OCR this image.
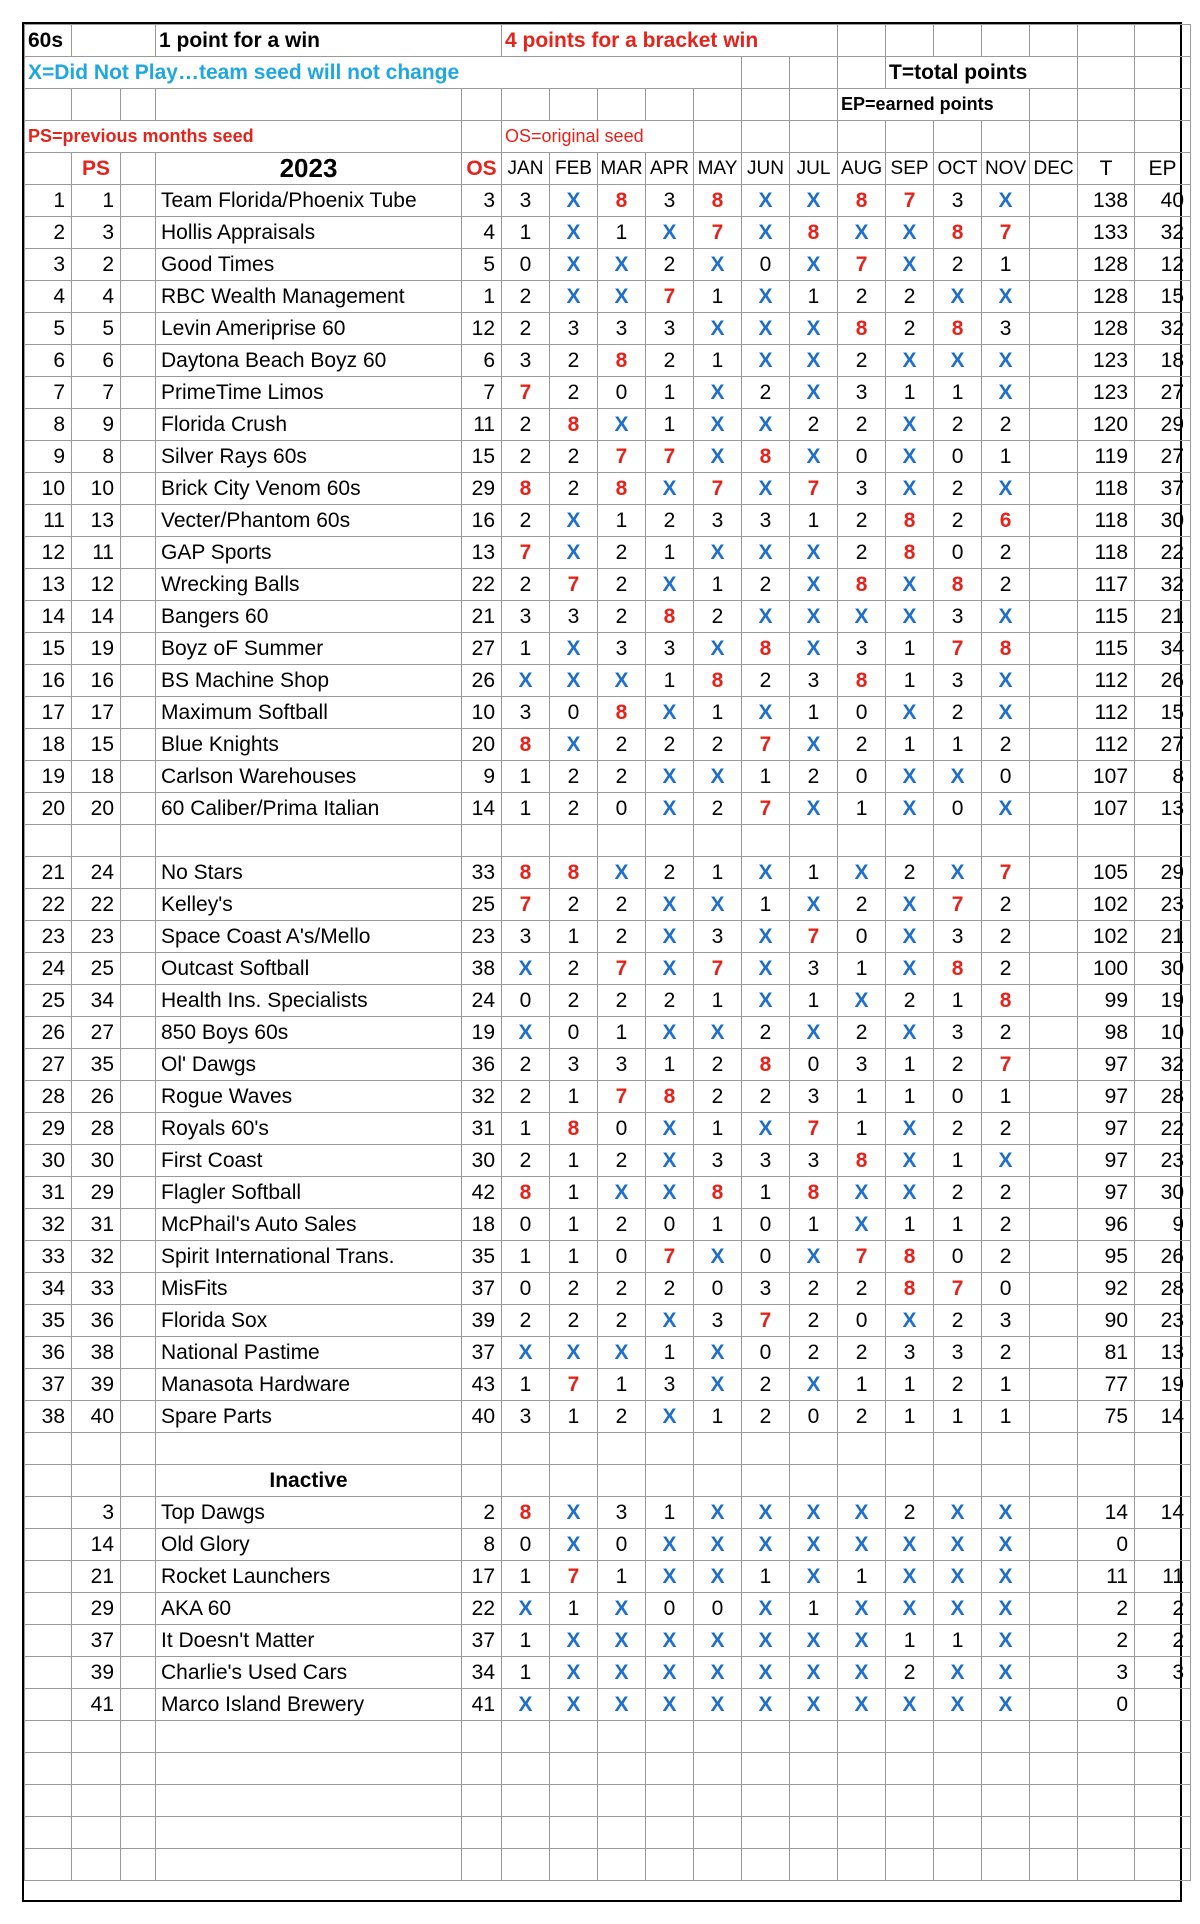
60s			1 point for a win		4 points for a bracket win													
X=Did Not Play…team seed will not change													T=total points					
												EP=earned points						
PS=previous months seed					OS=original seed													
	PS		2023	OS	JAN	FEB	MAR	APR	MAY	JUN	JUL	AUG	SEP	OCT	NOV	DEC	T	EP
1	1		Team Florida/Phoenix Tube	3	3	X	8	3	8	X	X	8	7	3	X		138	40
2	3		Hollis Appraisals	4	1	X	1	X	7	X	8	X	X	8	7		133	32
3	2		Good Times	5	0	X	X	2	X	0	X	7	X	2	1		128	12
4	4		RBC Wealth Management	1	2	X	X	7	1	X	1	2	2	X	X		128	15
5	5		Levin Ameriprise 60	12	2	3	3	3	X	X	X	8	2	8	3		128	32
6	6		Daytona Beach Boyz 60	6	3	2	8	2	1	X	X	2	X	X	X		123	18
7	7		PrimeTime Limos	7	7	2	0	1	X	2	X	3	1	1	X		123	27
8	9		Florida Crush	11	2	8	X	1	X	X	2	2	X	2	2		120	29
9	8		Silver Rays 60s	15	2	2	7	7	X	8	X	0	X	0	1		119	27
10	10		Brick City Venom 60s	29	8	2	8	X	7	X	7	3	X	2	X		118	37
11	13		Vecter/Phantom 60s	16	2	X	1	2	3	3	1	2	8	2	6		118	30
12	11		GAP Sports	13	7	X	2	1	X	X	X	2	8	0	2		118	22
13	12		Wrecking Balls	22	2	7	2	X	1	2	X	8	X	8	2		117	32
14	14		Bangers 60	21	3	3	2	8	2	X	X	X	X	3	X		115	21
15	19		Boyz oF Summer	27	1	X	3	3	X	8	X	3	1	7	8		115	34
16	16		BS Machine Shop	26	X	X	X	1	8	2	3	8	1	3	X		112	26
17	17		Maximum Softball	10	3	0	8	X	1	X	1	0	X	2	X		112	15
18	15		Blue Knights	20	8	X	2	2	2	7	X	2	1	1	2		112	27
19	18		Carlson Warehouses	9	1	2	2	X	X	1	2	0	X	X	0		107	8
20	20		60 Caliber/Prima Italian	14	1	2	0	X	2	7	X	1	X	0	X		107	13

21	24		No Stars	33	8	8	X	2	1	X	1	X	2	X	7		105	29
22	22		Kelley's	25	7	2	2	X	X	1	X	2	X	7	2		102	23
23	23		Space Coast A's/Mello	23	3	1	2	X	3	X	7	0	X	3	2		102	21
24	25		Outcast Softball	38	X	2	7	X	7	X	3	1	X	8	2		100	30
25	34		Health Ins. Specialists	24	0	2	2	2	1	X	1	X	2	1	8		99	19
26	27		850 Boys 60s	19	X	0	1	X	X	2	X	2	X	3	2		98	10
27	35		Ol' Dawgs	36	2	3	3	1	2	8	0	3	1	2	7		97	32
28	26		Rogue Waves	32	2	1	7	8	2	2	3	1	1	0	1		97	28
29	28		Royals 60's	31	1	8	0	X	1	X	7	1	X	2	2		97	22
30	30		First Coast	30	2	1	2	X	3	3	3	8	X	1	X		97	23
31	29		Flagler Softball	42	8	1	X	X	8	1	8	X	X	2	2		97	30
32	31		McPhail's Auto Sales	18	0	1	2	0	1	0	1	X	1	1	2		96	9
33	32		Spirit International Trans.	35	1	1	0	7	X	0	X	7	8	0	2		95	26
34	33		MisFits	37	0	2	2	2	0	3	2	2	8	7	0		92	28
35	36		Florida Sox	39	2	2	2	X	3	7	2	0	X	2	3		90	23
36	38		National Pastime	37	X	X	X	1	X	0	2	2	3	3	2		81	13
37	39		Manasota Hardware	43	1	7	1	3	X	2	X	1	1	2	1		77	19
38	40		Spare Parts	40	3	1	2	X	1	2	0	2	1	1	1		75	14

			Inactive															
	3		Top Dawgs	2	8	X	3	1	X	X	X	X	2	X	X		14	14
	14		Old Glory	8	0	X	0	X	X	X	X	X	X	X	X		0	
	21		Rocket Launchers	17	1	7	1	X	X	1	X	1	X	X	X		11	11
	29		AKA 60	22	X	1	X	0	0	X	1	X	X	X	X		2	2
	37		It Doesn't Matter	37	1	X	X	X	X	X	X	X	1	1	X		2	2
	39		Charlie's Used Cars	34	1	X	X	X	X	X	X	X	2	X	X		3	3
	41		Marco Island Brewery	41	X	X	X	X	X	X	X	X	X	X	X		0	
